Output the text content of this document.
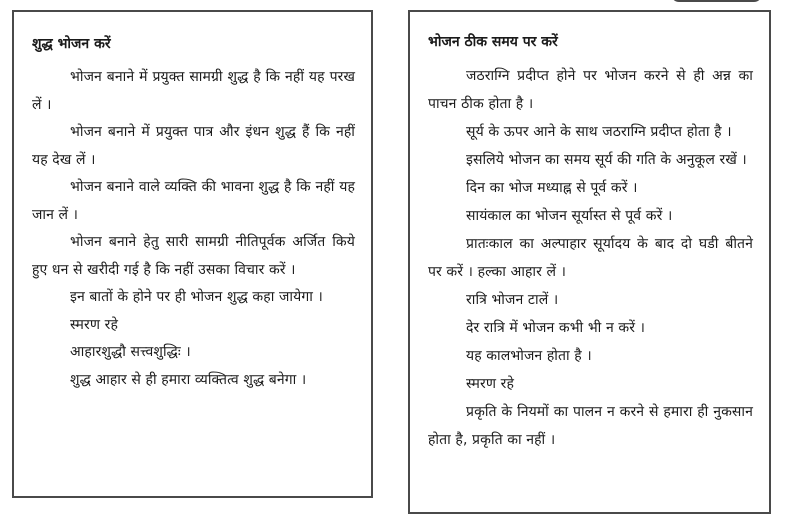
शुद्ध भोजन करें

भोजन बनाने में प्रयुक्त सामग्री शुद्ध है कि नहीं यह परख लें ।

भोजन बनाने में प्रयुक्त पात्र और इंधन शुद्ध हैं कि नहीं यह देख लें ।

भोजन बनाने वाले व्यक्ति की भावना शुद्ध है कि नहीं यह जान लें ।

भोजन बनाने हेतु सारी सामग्री नीतिपूर्वक अर्जित किये हुए धन से खरीदी गई है कि नहीं उसका विचार करें ।

इन बातों के होने पर ही भोजन शुद्ध कहा जायेगा ।

स्मरण रहे

आहारशुद्धौ सत्त्वशुद्धिः ।

शुद्ध आहार से ही हमारा व्यक्तित्व शुद्ध बनेगा ।

भोजन ठीक समय पर करें

जठराग्नि प्रदीप्त होने पर भोजन करने से ही अन्न का पाचन ठीक होता है ।

सूर्य के ऊपर आने के साथ जठराग्नि प्रदीप्त होता है ।

इसलिये भोजन का समय सूर्य की गति के अनुकूल रखें ।

दिन का भोज मध्याह्न से पूर्व करें ।

सायंकाल का भोजन सूर्यास्त से पूर्व करें ।

प्रातःकाल का अल्पाहार सूर्यादय के बाद दो घडी बीतने पर करें । हल्का आहार लें ।

रात्रि भोजन टालें ।

देर रात्रि में भोजन कभी भी न करें ।

यह कालभोजन होता है ।

स्मरण रहे

प्रकृति के नियमों का पालन न करने से हमारा ही नुकसान होता है, प्रकृति का नहीं ।
